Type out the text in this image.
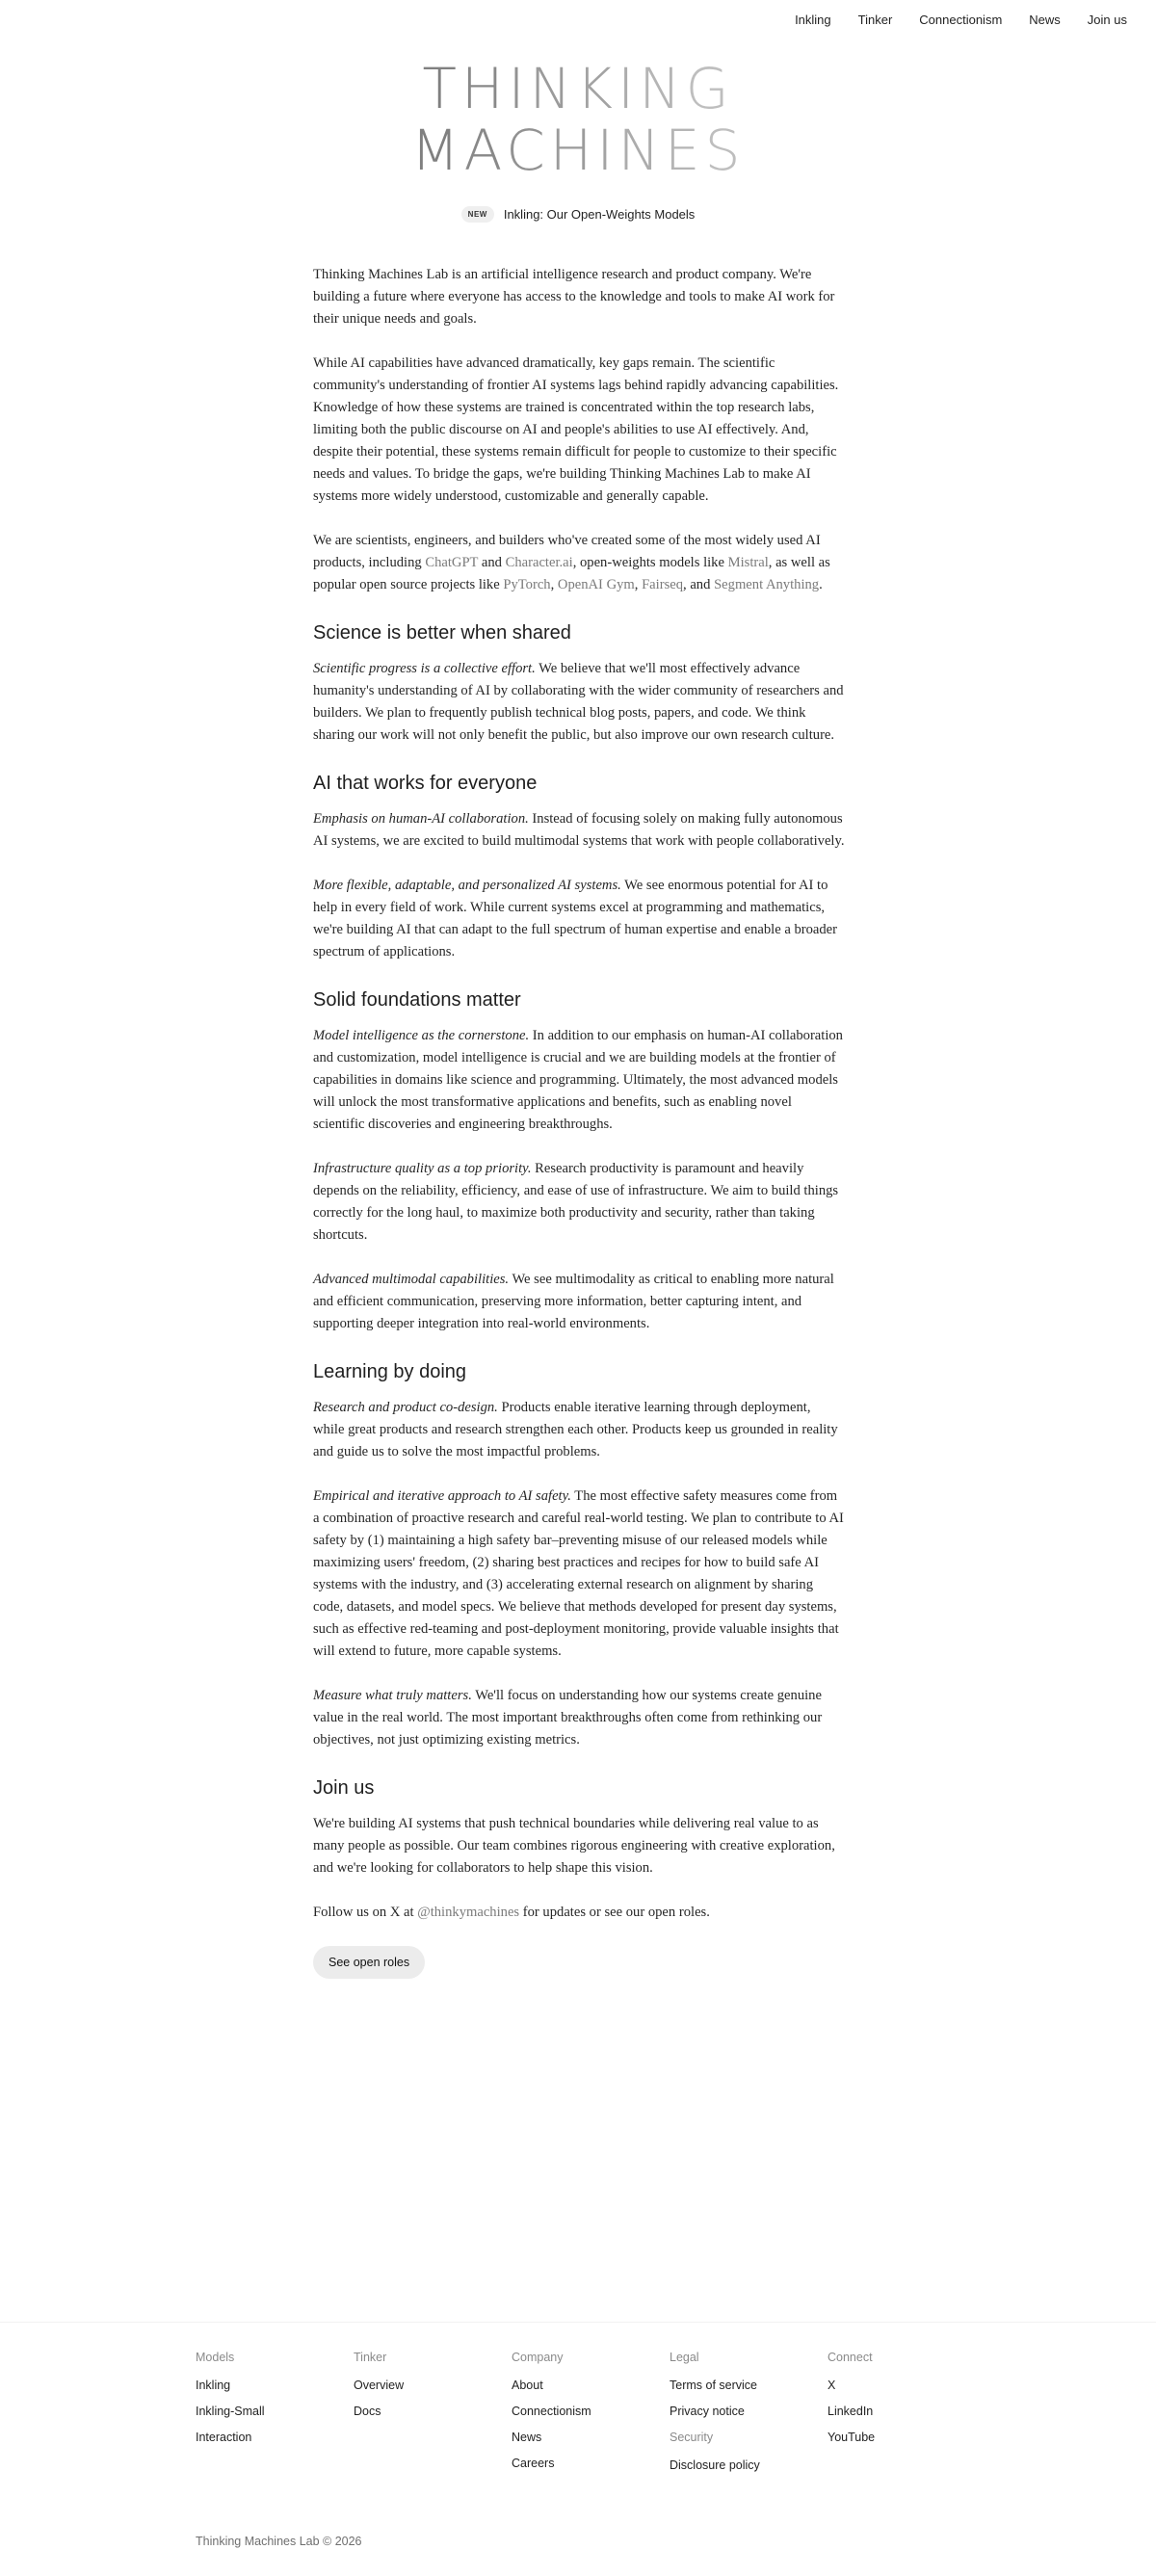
Inkling Tinker Connectionism News Join us
THINKING
MACHINES
NEW	Inkling: Our Open-Weights Models

Thinking Machines Lab is an artificial intelligence research and product company. We're building a future where everyone has access to the knowledge and tools to make AI work for their unique needs and goals.

While AI capabilities have advanced dramatically, key gaps remain. The scientific community's understanding of frontier AI systems lags behind rapidly advancing capabilities. Knowledge of how these systems are trained is concentrated within the top research labs, limiting both the public discourse on AI and people's abilities to use AI effectively. And, despite their potential, these systems remain difficult for people to customize to their specific needs and values. To bridge the gaps, we're building Thinking Machines Lab to make AI systems more widely understood, customizable and generally capable.

We are scientists, engineers, and builders who've created some of the most widely used AI products, including ChatGPT and Character.ai, open-weights models like Mistral, as well as popular open source projects like PyTorch, OpenAI Gym, Fairseq, and Segment Anything.

Science is better when shared

Scientific progress is a collective effort. We believe that we'll most effectively advance humanity's understanding of AI by collaborating with the wider community of researchers and builders. We plan to frequently publish technical blog posts, papers, and code. We think sharing our work will not only benefit the public, but also improve our own research culture.

AI that works for everyone

Emphasis on human-AI collaboration. Instead of focusing solely on making fully autonomous AI systems, we are excited to build multimodal systems that work with people collaboratively.

More flexible, adaptable, and personalized AI systems. We see enormous potential for AI to help in every field of work. While current systems excel at programming and mathematics, we're building AI that can adapt to the full spectrum of human expertise and enable a broader spectrum of applications.

Solid foundations matter

Model intelligence as the cornerstone. In addition to our emphasis on human-AI collaboration and customization, model intelligence is crucial and we are building models at the frontier of capabilities in domains like science and programming. Ultimately, the most advanced models will unlock the most transformative applications and benefits, such as enabling novel scientific discoveries and engineering breakthroughs.

Infrastructure quality as a top priority. Research productivity is paramount and heavily depends on the reliability, efficiency, and ease of use of infrastructure. We aim to build things correctly for the long haul, to maximize both productivity and security, rather than taking shortcuts.

Advanced multimodal capabilities. We see multimodality as critical to enabling more natural and efficient communication, preserving more information, better capturing intent, and supporting deeper integration into real-world environments.

Learning by doing

Research and product co-design. Products enable iterative learning through deployment, while great products and research strengthen each other. Products keep us grounded in reality and guide us to solve the most impactful problems.

Empirical and iterative approach to AI safety. The most effective safety measures come from a combination of proactive research and careful real-world testing. We plan to contribute to AI safety by (1) maintaining a high safety bar–preventing misuse of our released models while maximizing users' freedom, (2) sharing best practices and recipes for how to build safe AI systems with the industry, and (3) accelerating external research on alignment by sharing code, datasets, and model specs. We believe that methods developed for present day systems, such as effective red-teaming and post-deployment monitoring, provide valuable insights that will extend to future, more capable systems.

Measure what truly matters. We'll focus on understanding how our systems create genuine value in the real world. The most important breakthroughs often come from rethinking our objectives, not just optimizing existing metrics.

Join us

We're building AI systems that push technical boundaries while delivering real value to as many people as possible. Our team combines rigorous engineering with creative exploration, and we're looking for collaborators to help shape this vision.

Follow us on X at @thinkymachines for updates or see our open roles.

See open roles
Models
Inkling
Inkling-Small
Interaction
Tinker
Overview
Docs
Company
About
Connectionism
News
Careers
Legal
Terms of service
Privacy notice
Security
Disclosure policy
Connect
X
LinkedIn
YouTube
Thinking Machines Lab © 2026
